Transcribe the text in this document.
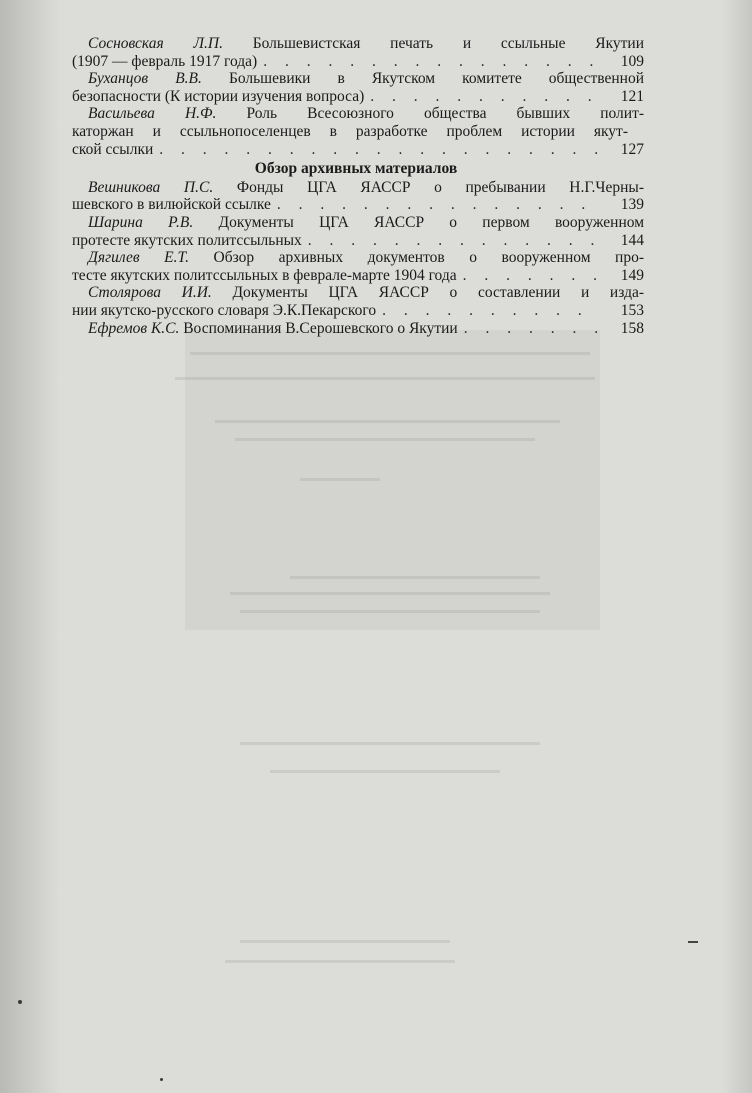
Сосновская Л.П. Большевистская печать и ссыльные Якутии
(1907 — февраль 1917 года) . . .	109
Буханцов В.В. Большевики в Якутском комитете общественной
безопасности (К истории изучения вопроса) . . .	121
Васильева Н.Ф. Роль Всесоюзного общества бывших полит-
каторжан и ссыльнопоселенцев в разработке проблем истории якут-
ской ссылки . . .	127
Обзор архивных материалов
Вешникова П.С. Фонды ЦГА ЯАССР о пребывании Н.Г.Черны-
шевского в вилюйской ссылке . . .	139
Шарина Р.В. Документы ЦГА ЯАССР о первом вооруженном
протесте якутских политссыльных . . .	144
Дягилев Е.Т. Обзор архивных документов о вооруженном про-
тесте якутских политссыльных в феврале-марте 1904 года . . .	149
Столярова И.И. Документы ЦГА ЯАССР о составлении и изда-
нии якутско-русского словаря Э.К.Пекарского . . .	153
Ефремов К.С.
Воспоминания В.Серошевского о Якутии . . .	158
